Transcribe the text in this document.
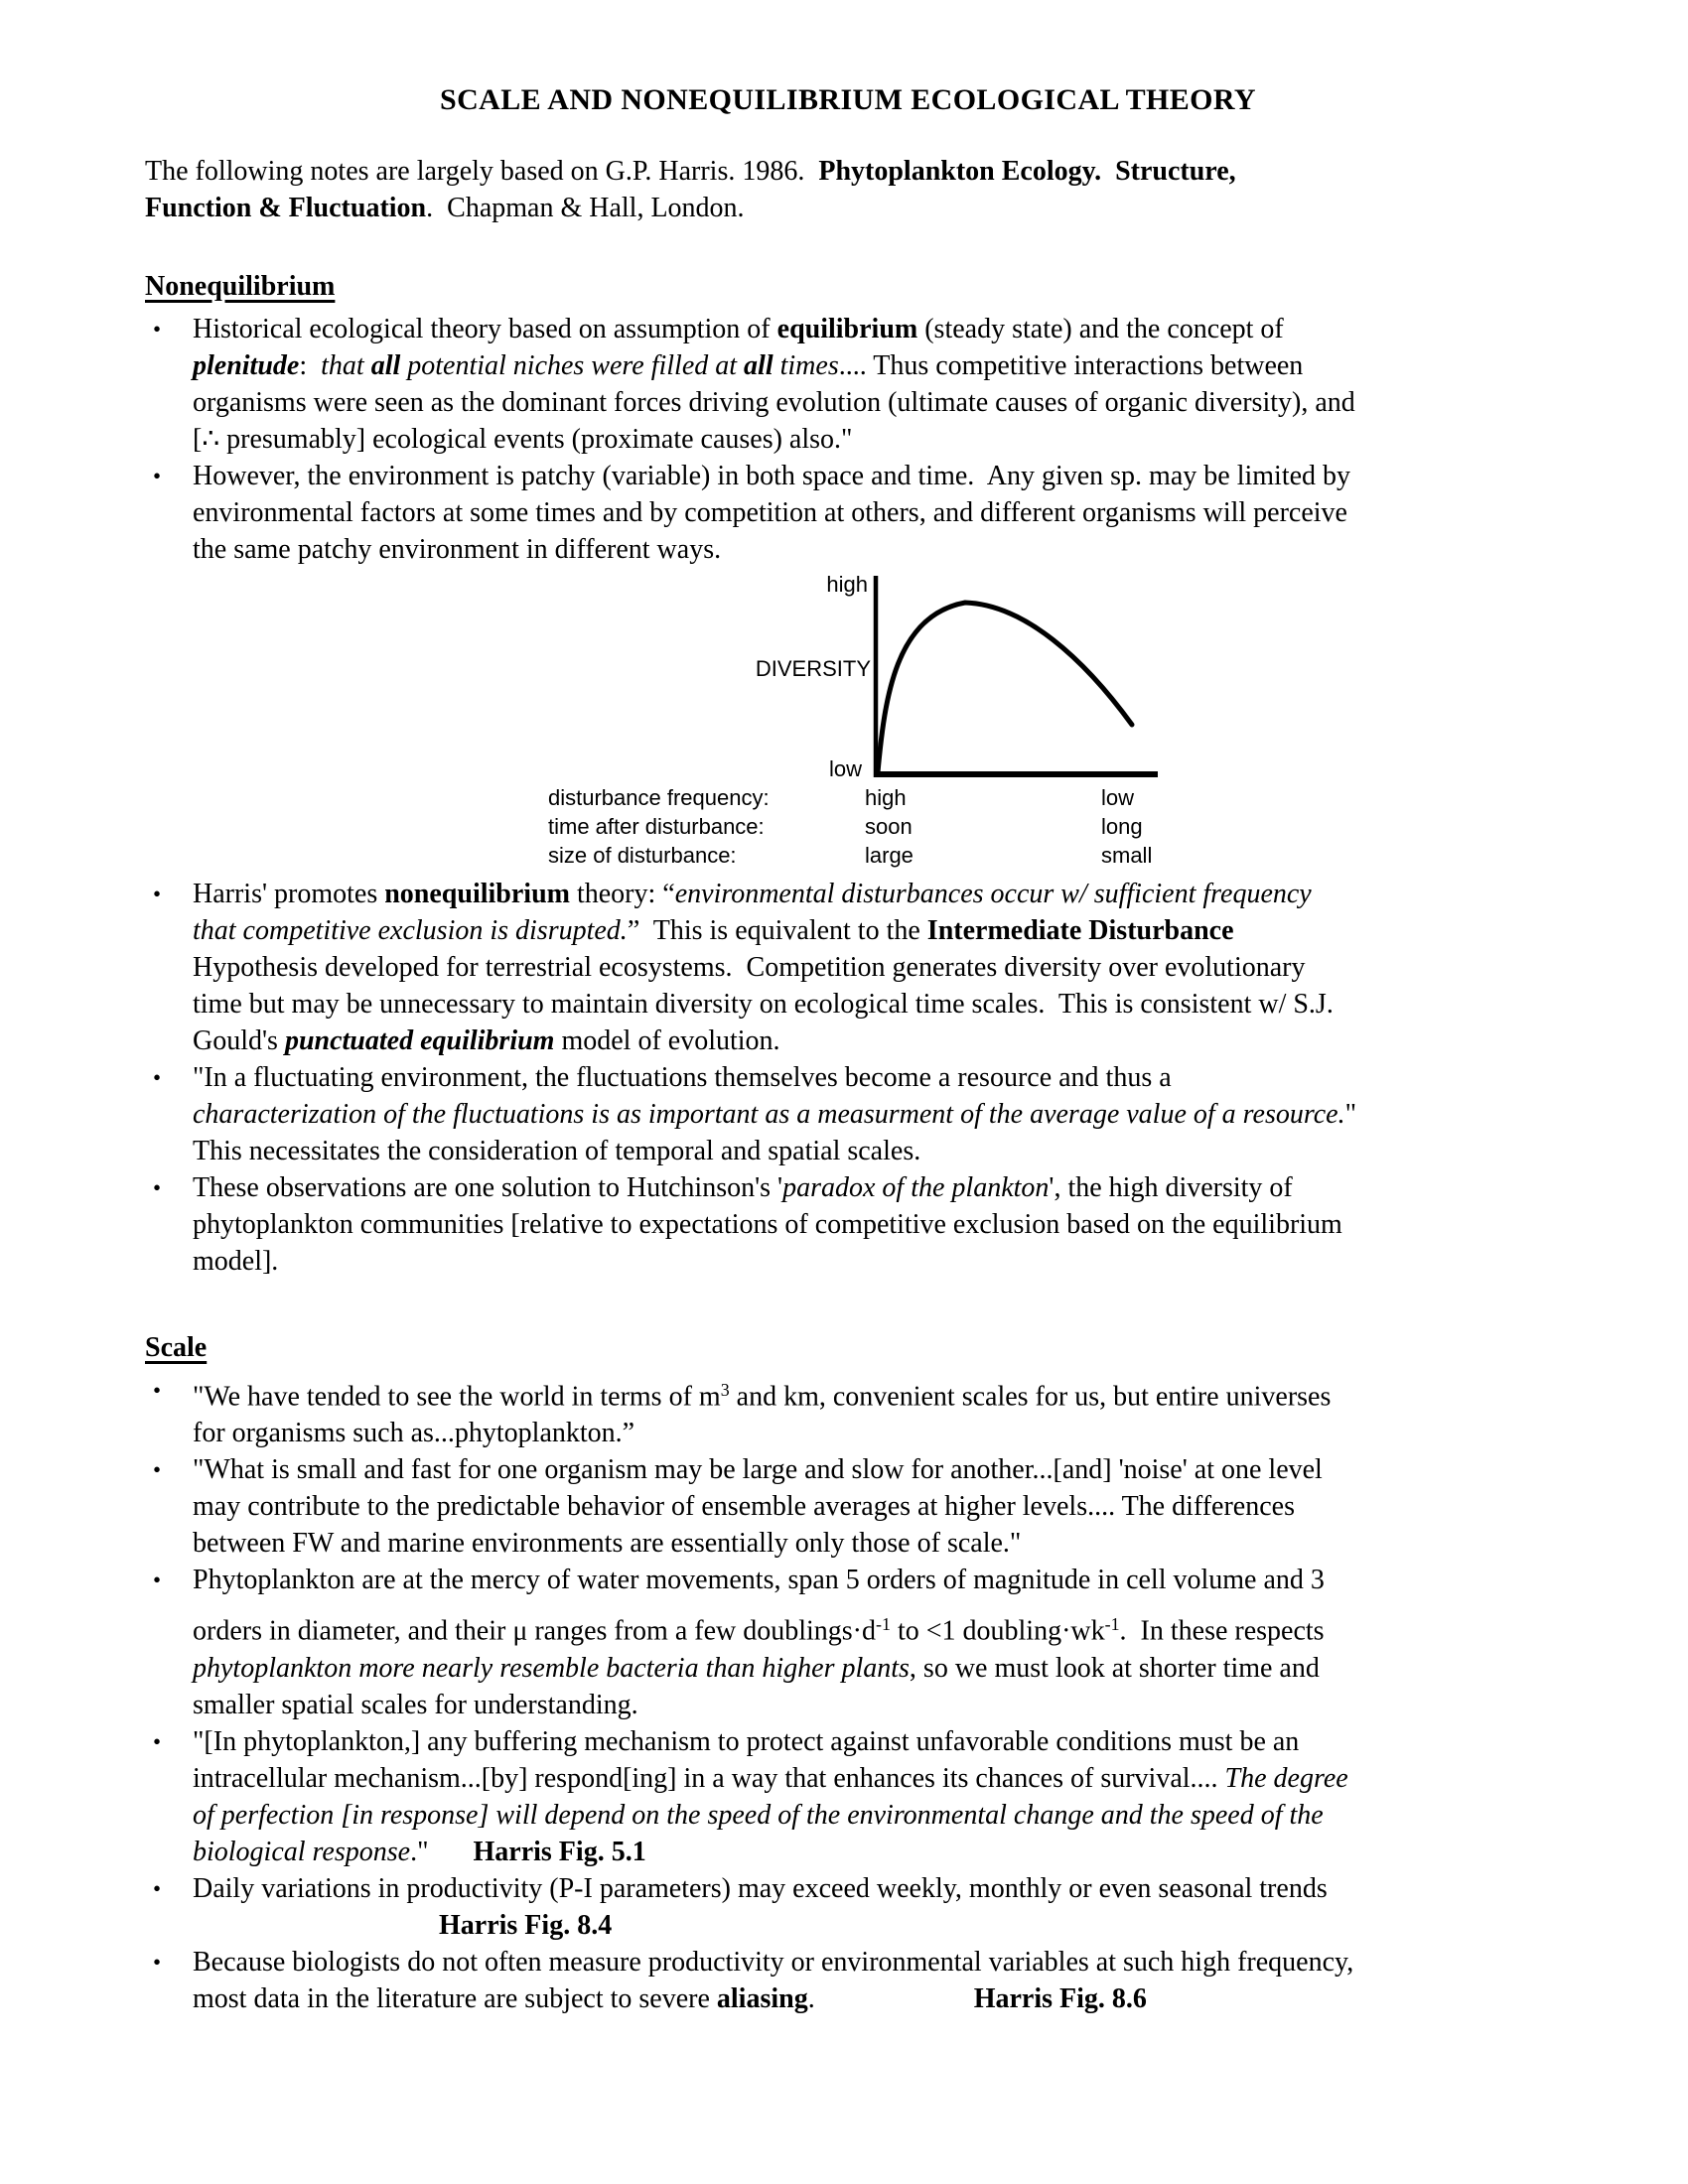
SCALE AND NONEQUILIBRIUM ECOLOGICAL THEORY
The following notes are largely based on G.P. Harris. 1986.  Phytoplankton Ecology.  Structure,
Function & Fluctuation.  Chapman & Hall, London.
Nonequilibrium
•	Historical ecological theory based on assumption of equilibrium (steady state) and the concept of
plenitude:  that all potential niches were filled at all times.... Thus competitive interactions between
organisms were seen as the dominant forces driving evolution (ultimate causes of organic diversity), and
[∴ presumably] ecological events (proximate causes) also."
•	However, the environment is patchy (variable) in both space and time.  Any given sp. may be limited by
environmental factors at some times and by competition at others, and different organisms will perceive
the same patchy environment in different ways.
high
DIVERSITY
low
disturbance frequency:	high	low
time after disturbance:	soon	long
size of disturbance:	large	small
•	Harris' promotes nonequilibrium theory: “environmental disturbances occur w/ sufficient frequency
that competitive exclusion is disrupted.”  This is equivalent to the Intermediate Disturbance
Hypothesis developed for terrestrial ecosystems.  Competition generates diversity over evolutionary
time but may be unnecessary to maintain diversity on ecological time scales.  This is consistent w/ S.J.
Gould's punctuated equilibrium model of evolution.
•	"In a fluctuating environment, the fluctuations themselves become a resource and thus a
characterization of the fluctuations is as important as a measurment of the average value of a resource."
This necessitates the consideration of temporal and spatial scales.
•	These observations are one solution to Hutchinson's 'paradox of the plankton', the high diversity of
phytoplankton communities [relative to expectations of competitive exclusion based on the equilibrium
model].
Scale
•	"We have tended to see the world in terms of $m^3$ and km, convenient scales for us, but entire universes
for organisms such as...phytoplankton.”
•	"What is small and fast for one organism may be large and slow for another...[and] 'noise' at one level
may contribute to the predictable behavior of ensemble averages at higher levels.... The differences
between FW and marine environments are essentially only those of scale."
•	Phytoplankton are at the mercy of water movements, span 5 orders of magnitude in cell volume and 3
orders in diameter, and their μ ranges from a few $doublings\cdot d^{-1}$ to <1 $doubling\cdot wk^{-1}$.  In these respects
phytoplankton more nearly resemble bacteria than higher plants, so we must look at shorter time and
smaller spatial scales for understanding.
•	"[In phytoplankton,] any buffering mechanism to protect against unfavorable conditions must be an
intracellular mechanism...[by] respond[ing] in a way that enhances its chances of survival.... The degree
of perfection [in response] will depend on the speed of the environmental change and the speed of the
biological response." Harris Fig. 5.1
•	Daily variations in productivity (P-I parameters) may exceed weekly, monthly or even seasonal trends
Harris Fig. 8.4
•	Because biologists do not often measure productivity or environmental variables at such high frequency,
most data in the literature are subject to severe aliasing.	Harris Fig. 8.6
